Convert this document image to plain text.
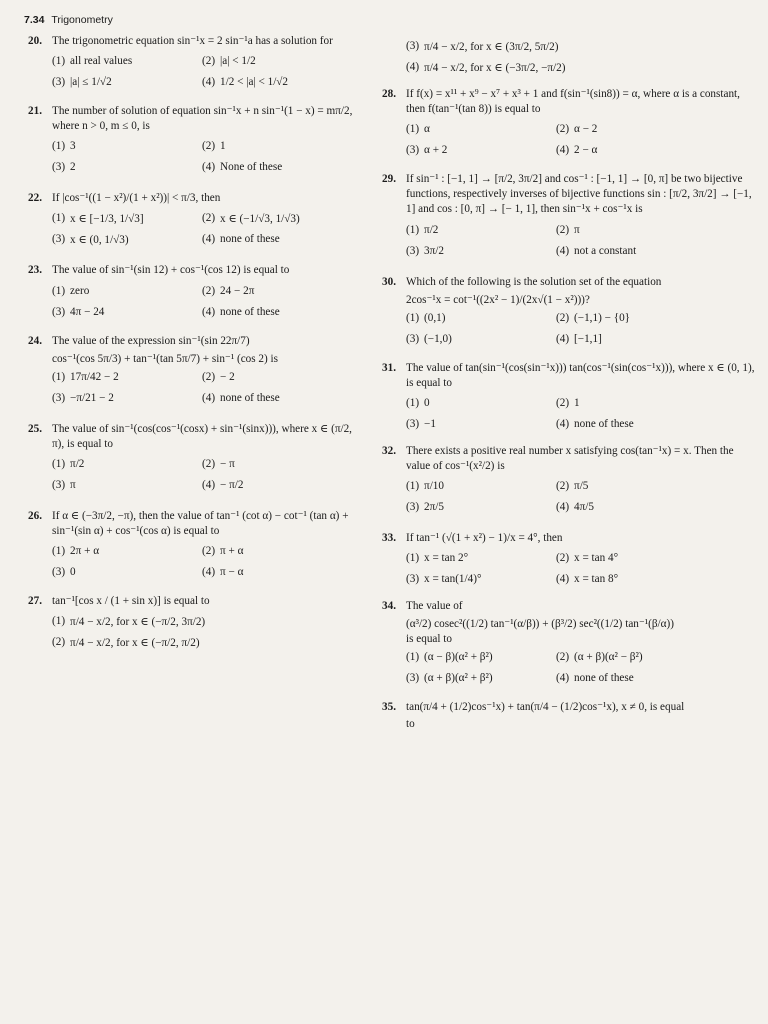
7.34 Trigonometry
20. The trigonometric equation sin⁻¹x = 2 sin⁻¹a has a solution for
(1) all real values	(2) |a| < 1/2
(3) |a| ≤ 1/√2	(4) 1/2 < |a| < 1/√2
21. The number of solution of equation sin⁻¹x + n sin⁻¹(1 − x) = mπ/2, where n > 0, m ≤ 0, is
(1) 3	(2) 1
(3) 2	(4) None of these
22. If |cos⁻¹((1 − x²)/(1 + x²))| < π/3, then
(1) x ∈ [−1/3, 1/√3]	(2) x ∈ (−1/√3, 1/√3)
(3) x ∈ (0, 1/√3)	(4) none of these
23. The value of sin⁻¹(sin 12) + cos⁻¹(cos 12) is equal to
(1) zero	(2) 24 − 2π
(3) 4π − 24	(4) none of these
24. The value of the expression sin⁻¹(sin 22π/7)
cos⁻¹(cos 5π/3) + tan⁻¹(tan 5π/7) + sin⁻¹ (cos 2) is
(1) 17π/42 − 2	(2) − 2
(3) −π/21 − 2	(4) none of these
25. The value of sin⁻¹(cos(cos⁻¹(cosx) + sin⁻¹(sinx))), where x ∈ (π/2, π), is equal to
(1) π/2	(2) − π
(3) π	(4) − π/2
26. If α ∈ (−3π/2, −π), then the value of tan⁻¹ (cot α) − cot⁻¹ (tan α) + sin⁻¹(sin α) + cos⁻¹(cos α) is equal to
(1) 2π + α	(2) π + α
(3) 0	(4) π − α
27. tan⁻¹[cos x / (1 + sin x)] is equal to
(1) π/4 − x/2, for x ∈ (−π/2, 3π/2)
(2) π/4 − x/2, for x ∈ (−π/2, π/2)
(3) π/4 − x/2, for x ∈ (3π/2, 5π/2)
(4) π/4 − x/2, for x ∈ (−3π/2, −π/2)
28. If f(x) = x¹¹ + x⁹ − x⁷ + x³ + 1 and f(sin⁻¹(sin8)) = α, where α is a constant, then f(tan⁻¹(tan 8)) is equal to
(1) α	(2) α − 2
(3) α + 2	(4) 2 − α
29. If sin⁻¹ : [−1, 1] → [π/2, 3π/2] and cos⁻¹ : [−1, 1] → [0, π] be two bijective functions, respectively inverses of bijective functions sin : [π/2, 3π/2] → [−1, 1] and cos : [0, π] → [− 1, 1], then sin⁻¹x + cos⁻¹x is
(1) π/2	(2) π
(3) 3π/2	(4) not a constant
30. Which of the following is the solution set of the equation
2cos⁻¹x = cot⁻¹((2x² − 1)/(2x√(1 − x²)))?
(1) (0,1)	(2) (−1,1) − {0}
(3) (−1,0)	(4) [−1,1]
31. The value of tan(sin⁻¹(cos(sin⁻¹x))) tan(cos⁻¹(sin(cos⁻¹x))), where x ∈ (0, 1), is equal to
(1) 0	(2) 1
(3) −1	(4) none of these
32. There exists a positive real number x satisfying cos(tan⁻¹x) = x. Then the value of cos⁻¹(x²/2) is
(1) π/10	(2) π/5
(3) 2π/5	(4) 4π/5
33. If tan⁻¹ (√(1 + x²) − 1)/x = 4°, then
(1) x = tan 2°	(2) x = tan 4°
(3) x = tan(1/4)°	(4) x = tan 8°
34. The value of
(α³/2) cosec²((1/2) tan⁻¹(α/β)) + (β³/2) sec²((1/2) tan⁻¹(β/α))
is equal to
(1) (α − β)(α² + β²)	(2) (α + β)(α² − β²)
(3) (α + β)(α² + β²)	(4) none of these
35. tan(π/4 + (1/2)cos⁻¹x) + tan(π/4 − (1/2)cos⁻¹x), x ≠ 0, is equal
to
